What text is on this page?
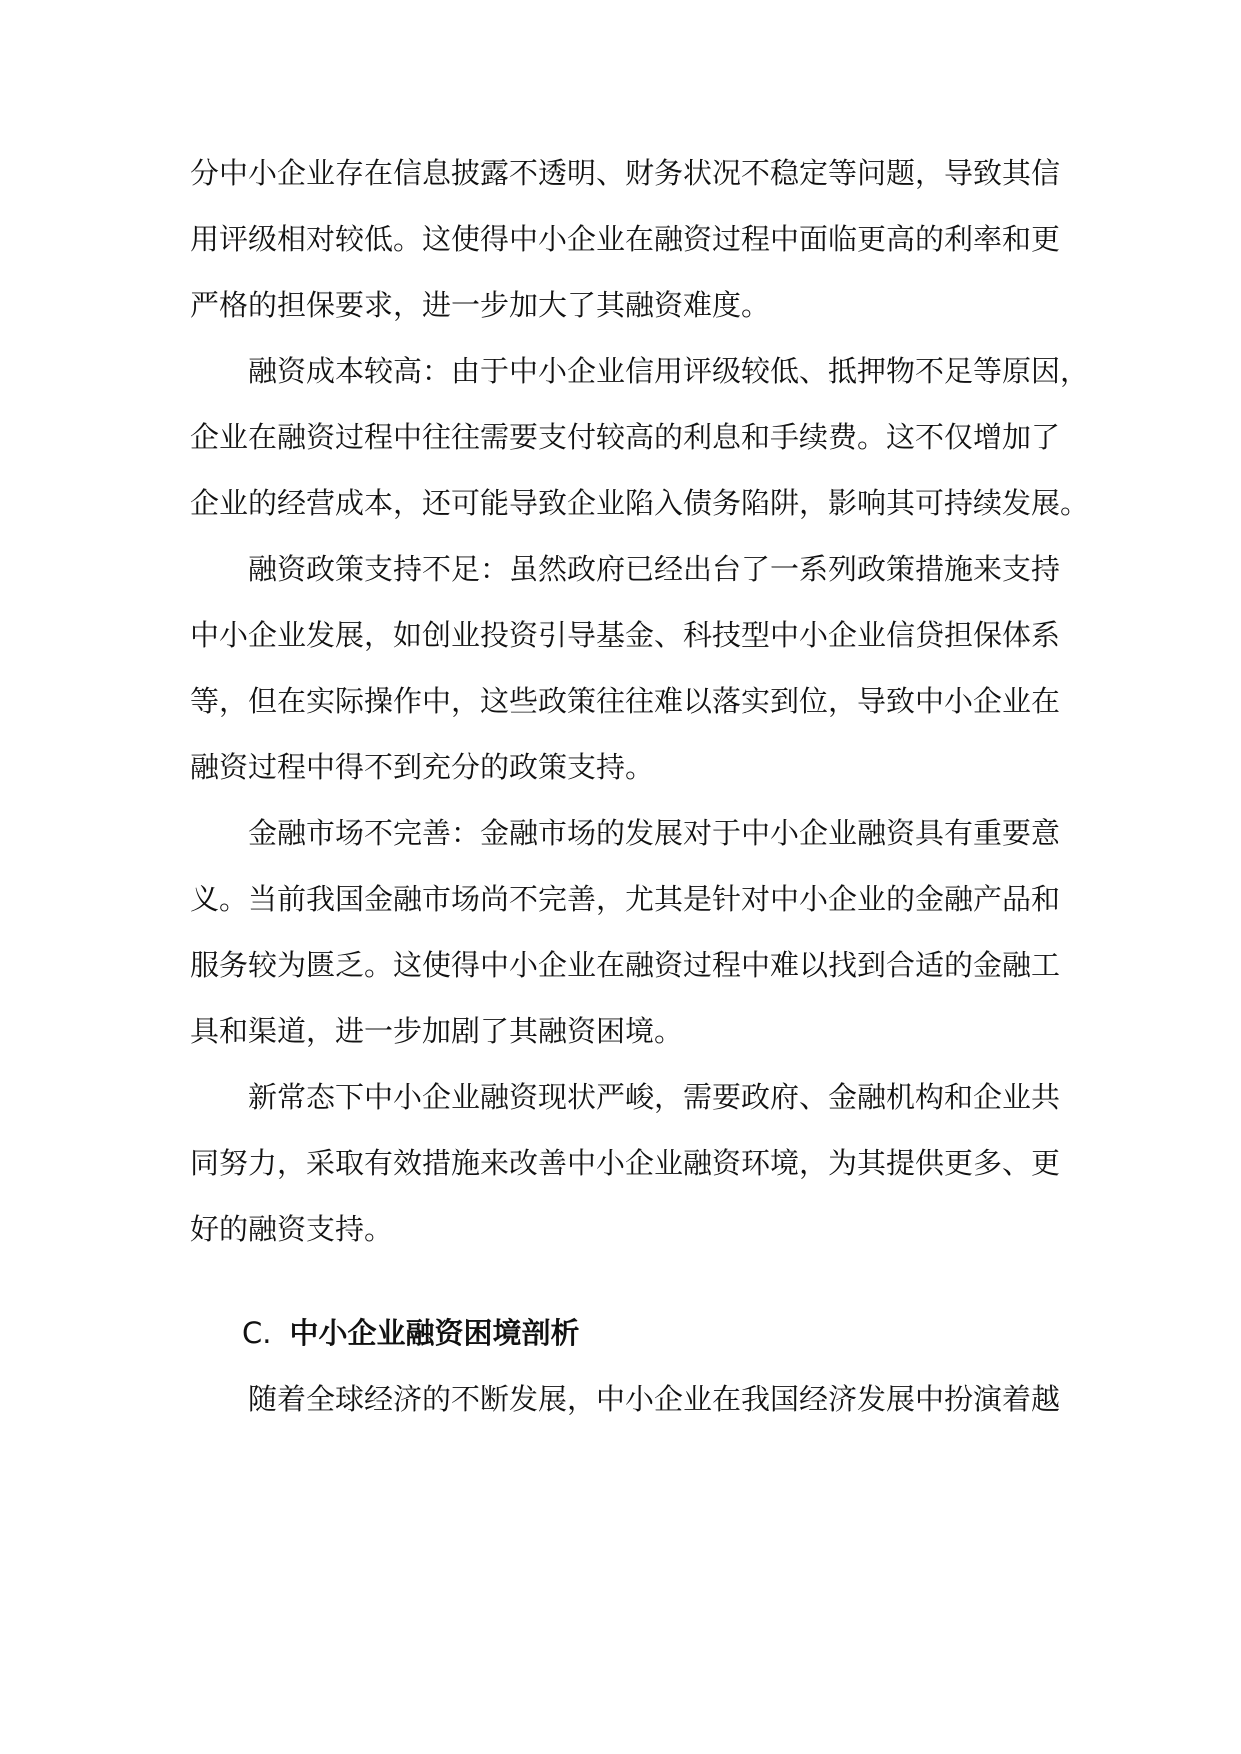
分中小企业存在信息披露不透明、财务状况不稳定等问题，导致其信
用评级相对较低。这使得中小企业在融资过程中面临更高的利率和更
严格的担保要求，进一步加大了其融资难度。
融资成本较高：由于中小企业信用评级较低、抵押物不足等原因，
企业在融资过程中往往需要支付较高的利息和手续费。这不仅增加了
企业的经营成本，还可能导致企业陷入债务陷阱，影响其可持续发展。
融资政策支持不足：虽然政府已经出台了一系列政策措施来支持
中小企业发展，如创业投资引导基金、科技型中小企业信贷担保体系
等，但在实际操作中，这些政策往往难以落实到位，导致中小企业在
融资过程中得不到充分的政策支持。
金融市场不完善：金融市场的发展对于中小企业融资具有重要意
义。当前我国金融市场尚不完善，尤其是针对中小企业的金融产品和
服务较为匮乏。这使得中小企业在融资过程中难以找到合适的金融工
具和渠道，进一步加剧了其融资困境。
新常态下中小企业融资现状严峻，需要政府、金融机构和企业共
同努力，采取有效措施来改善中小企业融资环境，为其提供更多、更
好的融资支持。
C. 中小企业融资困境剖析
随着全球经济的不断发展，中小企业在我国经济发展中扮演着越
